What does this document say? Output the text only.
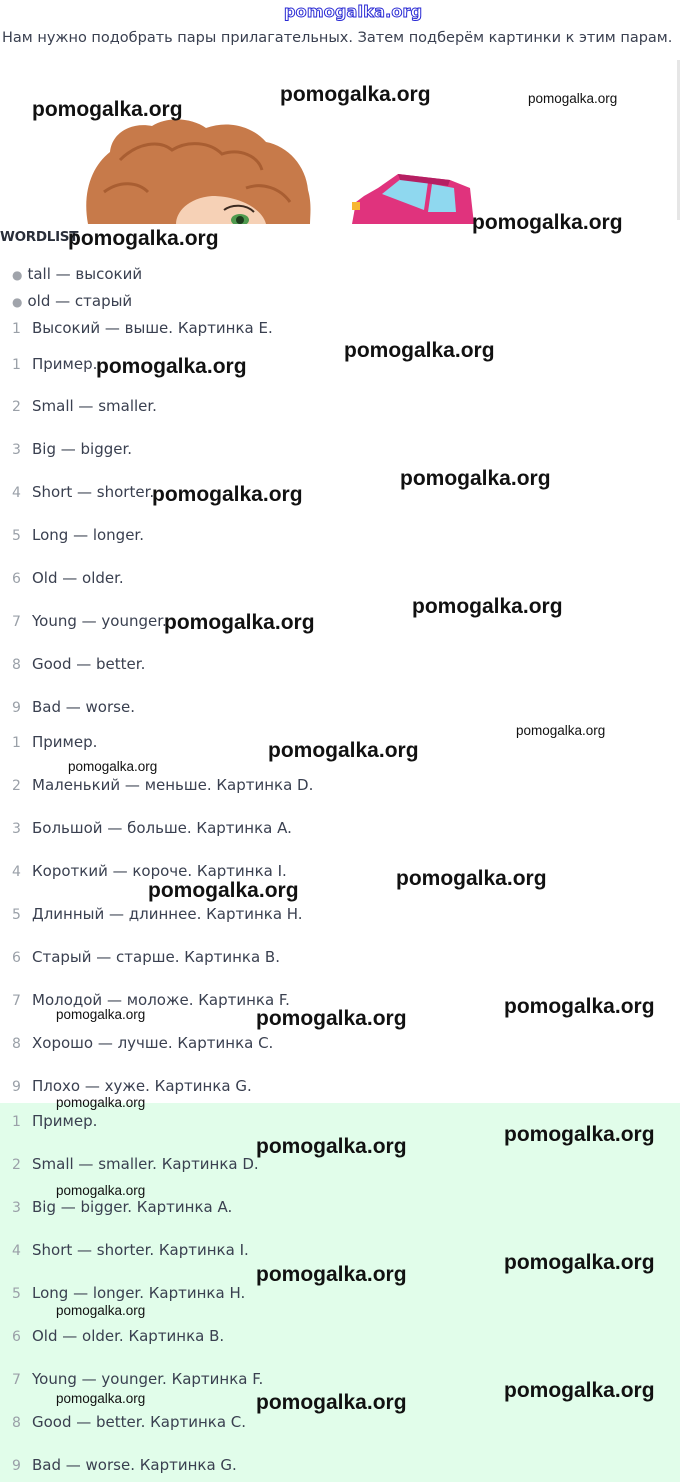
pomogalka.org
Нам нужно подобрать пары прилагательных. Затем подберём картинки к этим парам.
WORDLIST
● tall — высокий
● old — старый
1 Высокий — выше. Картинка E.
1 Пример.
2 Small — smaller.
3 Big — bigger.
4 Short — shorter.
5 Long — longer.
6 Old — older.
7 Young — younger.
8 Good — better.
9 Bad — worse.
1 Пример.
2 Маленький — меньше. Картинка D.
3 Большой — больше. Картинка A.
4 Короткий — короче. Картинка I.
5 Длинный — длиннее. Картинка H.
6 Старый — старше. Картинка B.
7 Молодой — моложе. Картинка F.
8 Хорошо — лучше. Картинка C.
9 Плохо — хуже. Картинка G.
1 Пример.
2 Small — smaller. Картинка D.
3 Big — bigger. Картинка A.
4 Short — shorter. Картинка I.
5 Long — longer. Картинка H.
6 Old — older. Картинка B.
7 Young — younger. Картинка F.
8 Good — better. Картинка C.
9 Bad — worse. Картинка G.
pomogalka.org
pomogalka.org	pomogalka.org
pomogalka.org
pomogalka.org
pomogalka.org
pomogalka.org
pomogalka.org
pomogalka.org
pomogalka.org
pomogalka.org
pomogalka.org
pomogalka.org
pomogalka.org
pomogalka.org
pomogalka.org
pomogalka.org
pomogalka.org	pomogalka.org
pomogalka.org
pomogalka.org
pomogalka.org
pomogalka.org
pomogalka.org
pomogalka.org
pomogalka.org
pomogalka.org
pomogalka.org	pomogalka.org
